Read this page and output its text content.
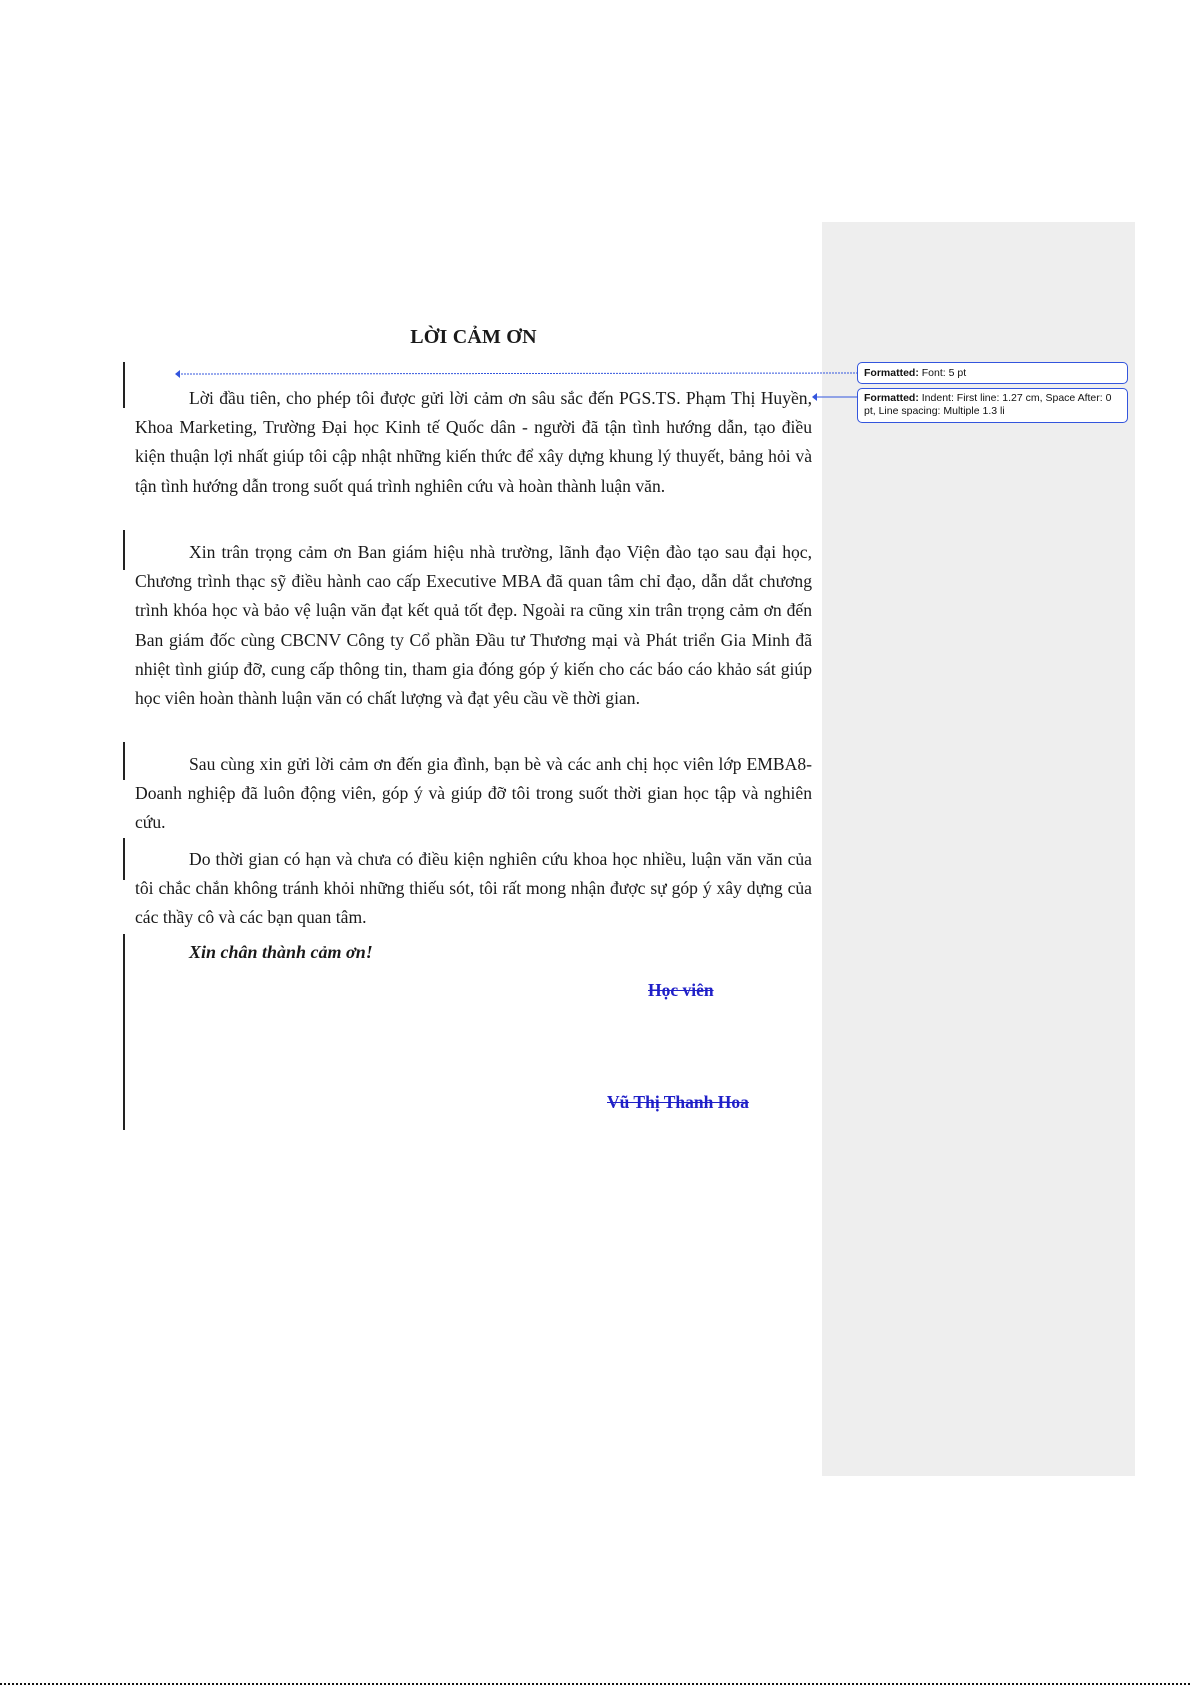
LỜI CẢM ƠN
Lời đầu tiên, cho phép tôi được gửi lời cảm ơn sâu sắc đến PGS.TS. Phạm Thị Huyền, Khoa Marketing, Trường Đại học Kinh tế Quốc dân - người đã tận tình hướng dẫn, tạo điều kiện thuận lợi nhất giúp tôi cập nhật những kiến thức để xây dựng khung lý thuyết, bảng hỏi và tận tình hướng dẫn trong suốt quá trình nghiên cứu và hoàn thành luận văn.
Xin trân trọng cảm ơn Ban giám hiệu nhà trường, lãnh đạo Viện đào tạo sau đại học, Chương trình thạc sỹ điều hành cao cấp Executive MBA đã quan tâm chỉ đạo, dẫn dắt chương trình khóa học và bảo vệ luận văn đạt kết quả tốt đẹp. Ngoài ra cũng xin trân trọng cảm ơn đến Ban giám đốc cùng CBCNV Công ty Cổ phần Đầu tư Thương mại và Phát triển Gia Minh đã nhiệt tình giúp đỡ, cung cấp thông tin, tham gia đóng góp ý kiến cho các báo cáo khảo sát giúp học viên hoàn thành luận văn có chất lượng và đạt yêu cầu về thời gian.
Sau cùng xin gửi lời cảm ơn đến gia đình, bạn bè và các anh chị học viên lớp EMBA8- Doanh nghiệp đã luôn động viên, góp ý và giúp đỡ tôi trong suốt thời gian học tập và nghiên cứu.
Do thời gian có hạn và chưa có điều kiện nghiên cứu khoa học nhiều, luận văn văn của tôi chắc chắn không tránh khỏi những thiếu sót, tôi rất mong nhận được sự góp ý xây dựng của các thầy cô và các bạn quan tâm.
Xin chân thành cảm ơn!
Học viên
Vũ Thị Thanh Hoa
Formatted: Font: 5 pt
Formatted: Indent: First line: 1.27 cm, Space After: 0 pt, Line spacing: Multiple 1.3 li
